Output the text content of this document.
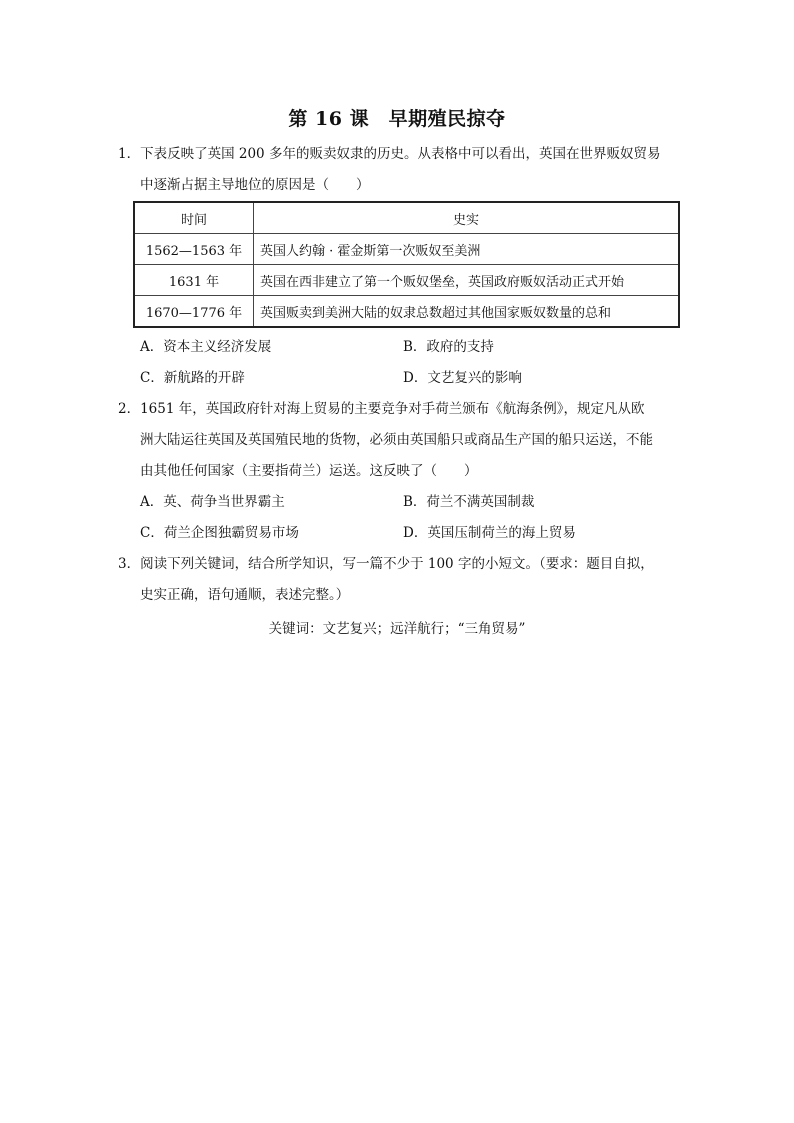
第 16 课　早期殖民掠夺
1．下表反映了英国 200 多年的贩卖奴隶的历史。从表格中可以看出，英国在世界贩奴贸易
中逐渐占据主导地位的原因是（　　）
时间	史实
1562—1563 年	英国人约翰 · 霍金斯第一次贩奴至美洲
1631 年	英国在西非建立了第一个贩奴堡垒，英国政府贩奴活动正式开始
1670—1776 年	英国贩卖到美洲大陆的奴隶总数超过其他国家贩奴数量的总和
A．资本主义经济发展	B．政府的支持
C．新航路的开辟	D．文艺复兴的影响
2．1651 年，英国政府针对海上贸易的主要竞争对手荷兰颁布《航海条例》，规定凡从欧
洲大陆运往英国及英国殖民地的货物，必须由英国船只或商品生产国的船只运送，不能
由其他任何国家（主要指荷兰）运送。这反映了（　　）
A．英、荷争当世界霸主	B．荷兰不满英国制裁
C．荷兰企图独霸贸易市场	D．英国压制荷兰的海上贸易
3．阅读下列关键词，结合所学知识，写一篇不少于 100 字的小短文。（要求：题目自拟，
史实正确，语句通顺，表述完整。）
关键词：文艺复兴；远洋航行；“三角贸易”
